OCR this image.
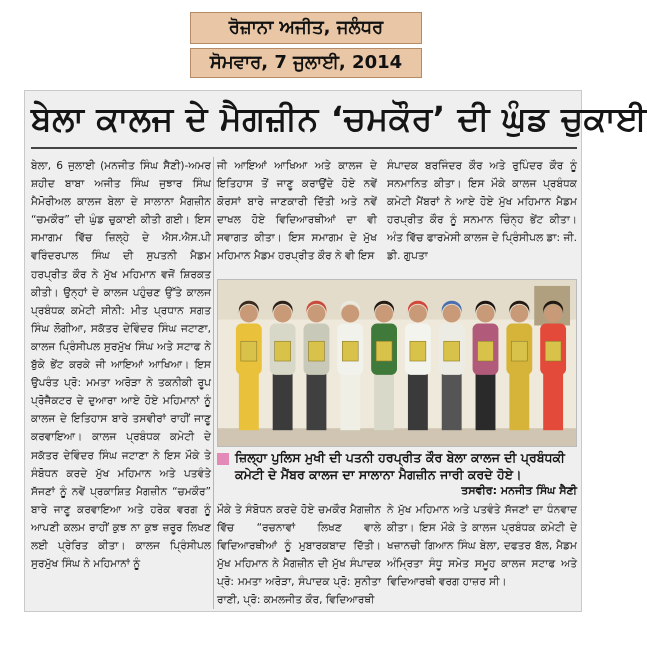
ਰੋਜ਼ਾਨਾ ਅਜੀਤ, ਜਲੰਧਰ
ਸੋਮਵਾਰ, 7 ਜੁਲਾਈ, 2014
ਬੇਲਾ ਕਾਲਜ ਦੇ ਮੈਗਜ਼ੀਨ ‘ਚਮਕੌਰ’ ਦੀ ਘੁੰਡ ਚੁਕਾਈ

ਬੇਲਾ, 6 ਜੁਲਾਈ (ਮਨਜੀਤ ਸਿੰਘ ਸੈਣੀ)-ਅਮਰ ਸ਼ਹੀਦ ਬਾਬਾ ਅਜੀਤ ਸਿੰਘ ਜੁਝਾਰ ਸਿੰਘ ਮੈਮੋਰੀਅਲ ਕਾਲਜ ਬੇਲਾ ਦੇ ਸਾਲਾਨਾ ਮੈਗਜ਼ੀਨ “ਚਮਕੌਰ” ਦੀ ਘੁੰਡ ਚੁਕਾਈ ਕੀਤੀ ਗਈ। ਇਸ ਸਮਾਗਮ ਵਿੱਚ ਜ਼ਿਲ੍ਹੇ ਦੇ ਐਸ.ਐਸ.ਪੀ ਵਰਿੰਦਰਪਾਲ ਸਿੰਘ ਦੀ ਸੁਪਤਨੀ ਮੈਡਮ ਹਰਪ੍ਰੀਤ ਕੌਰ ਨੇ ਮੁੱਖ ਮਹਿਮਾਨ ਵਜੋਂ ਸ਼ਿਰਕਤ ਕੀਤੀ। ਉਨ੍ਹਾਂ ਦੇ ਕਾਲਜ ਪਹੁੰਚਣ ਉੱਤੇ ਕਾਲਜ ਪ੍ਰਬੰਧਕ ਕਮੇਟੀ ਸੀਨੀ: ਮੀਤ ਪ੍ਰਧਾਨ ਸਗਤ ਸਿੰਘ ਲੋਗੀਆ, ਸਕੱਤਰ ਦੇਵਿੰਦਰ ਸਿੰਘ ਜਟਾਣਾ, ਕਾਲਜ ਪ੍ਰਿੰਸੀਪਲ ਸੁਰਮੁੱਖ ਸਿੰਘ ਅਤੇ ਸਟਾਫ ਨੇ ਬੁੱਕੇ ਭੇਂਟ ਕਰਕੇ ਜੀ ਆਇਆਂ ਆਖਿਆ। ਇਸ ਉਪਰੰਤ ਪ੍ਰੋ: ਮਮਤਾ ਅਰੋੜਾ ਨੇ ਤਕਨੀਕੀ ਰੂਪ ਪ੍ਰੋਜੈਕਟਰ ਦੇ ਦੁਆਰਾ ਆਏ ਹੋਏ ਮਹਿਮਾਨਾਂ ਨੂੰ ਕਾਲਜ ਦੇ ਇਤਿਹਾਸ ਬਾਰੇ ਤਸਵੀਰਾਂ ਰਾਹੀਂ ਜਾਣੂ ਕਰਵਾਇਆ। ਕਾਲਜ ਪ੍ਰਬੰਧਕ ਕਮੇਟੀ ਦੇ ਸਕੱਤਰ ਦੇਵਿੰਦਰ ਸਿੰਘ ਜਟਾਣਾ ਨੇ ਇਸ ਮੌਕੇ ਤੇ ਸੰਬੋਧਨ ਕਰਦੇ ਮੁੱਖ ਮਹਿਮਾਨ ਅਤੇ ਪਤਵੰਤੇ ਸੱਜਣਾਂ ਨੂੰ ਨਵੇਂ ਪ੍ਰਕਾਸ਼ਿਤ ਮੈਗਜ਼ੀਨ “ਚਮਕੌਰ” ਬਾਰੇ ਜਾਣੂ ਕਰਵਾਇਆ ਅਤੇ ਹਰੇਕ ਵਰਗ ਨੂੰ ਆਪਣੀ ਕਲਮ ਰਾਹੀਂ ਕੁਝ ਨਾ ਕੁਝ ਜ਼ਰੂਰ ਲਿਖਣ ਲਈ ਪ੍ਰੇਰਿਤ ਕੀਤਾ। ਕਾਲਜ ਪ੍ਰਿੰਸੀਪਲ ਸੁਰਮੁੱਖ ਸਿੰਘ ਨੇ ਮਹਿਮਾਨਾਂ ਨੂੰ

ਜੀ ਆਇਆਂ ਆਖਿਆ ਅਤੇ ਕਾਲਜ ਦੇ ਇਤਿਹਾਸ ਤੋਂ ਜਾਣੂ ਕਰਾਉਂਦੇ ਹੋਏ ਨਵੇਂ ਕੋਰਸਾਂ ਬਾਰੇ ਜਾਣਕਾਰੀ ਦਿੱਤੀ ਅਤੇ ਨਵੇਂ ਦਾਖਲ ਹੋਏ ਵਿਦਿਆਰਥੀਆਂ ਦਾ ਵੀ ਸਵਾਗਤ ਕੀਤਾ। ਇਸ ਸਮਾਗਮ ਦੇ ਮੁੱਖ ਮਹਿਮਾਨ ਮੈਡਮ ਹਰਪ੍ਰੀਤ ਕੌਰ ਨੇ ਵੀ ਇਸ

ਸੰਪਾਦਕ ਬਰਜਿੰਦਰ ਕੌਰ ਅਤੇ ਰੁਪਿੰਦਰ ਕੌਰ ਨੂੰ ਸਨਮਾਨਿਤ ਕੀਤਾ। ਇਸ ਮੌਕੇ ਕਾਲਜ ਪ੍ਰਬੰਧਕ ਕਮੇਟੀ ਮੈਂਬਰਾਂ ਨੇ ਆਏ ਹੋਏ ਮੁੱਖ ਮਹਿਮਾਨ ਮੈਡਮ ਹਰਪ੍ਰੀਤ ਕੌਰ ਨੂੰ ਸਨਮਾਨ ਚਿੰਨ੍ਹ ਭੇਂਟ ਕੀਤਾ। ਅੰਤ ਵਿੱਚ ਫਾਰਮੇਸੀ ਕਾਲਜ ਦੇ ਪ੍ਰਿੰਸੀਪਲ ਡਾ: ਜੀ. ਡੀ. ਗੁਪਤਾ

ਜ਼ਿਲ੍ਹਾ ਪੁਲਿਸ ਮੁਖੀ ਦੀ ਪਤਨੀ ਹਰਪ੍ਰੀਤ ਕੌਰ ਬੇਲਾ ਕਾਲਜ ਦੀ ਪ੍ਰਬੰਧਕੀ ਕਮੇਟੀ ਦੇ ਮੈਂਬਰ ਕਾਲਜ ਦਾ ਸਾਲਾਨਾ ਮੈਗਜ਼ੀਨ ਜਾਰੀ ਕਰਦੇ ਹੋਏ।
ਤਸਵੀਰ: ਮਨਜੀਤ ਸਿੰਘ ਸੈਣੀ

ਮੌਕੇ ਤੇ ਸੰਬੋਧਨ ਕਰਦੇ ਹੋਏ ਚਮਕੌਰ ਮੈਗਜ਼ੀਨ ਵਿੱਚ “ਰਚਨਾਵਾਂ ਲਿਖਣ ਵਾਲੇ ਵਿਦਿਆਰਥੀਆਂ ਨੂੰ ਮੁਬਾਰਕਬਾਦ ਦਿੱਤੀ। ਮੁੱਖ ਮਹਿਮਾਨ ਨੇ ਮੈਗਜ਼ੀਨ ਦੀ ਮੁੱਖ ਸੰਪਾਦਕ ਪ੍ਰੋ: ਮਮਤਾ ਅਰੋੜਾ, ਸੰਪਾਦਕ ਪ੍ਰੋ: ਸੁਨੀਤਾ ਰਾਣੀ, ਪ੍ਰੋ: ਕਮਲਜੀਤ ਕੌਰ, ਵਿਦਿਆਰਥੀ

ਨੇ ਮੁੱਖ ਮਹਿਮਾਨ ਅਤੇ ਪਤਵੰਤੇ ਸੱਜਣਾਂ ਦਾ ਧੰਨਵਾਦ ਕੀਤਾ। ਇਸ ਮੌਕੇ ਤੇ ਕਾਲਜ ਪ੍ਰਬੰਧਕ ਕਮੇਟੀ ਦੇ ਖਜ਼ਾਨਚੀ ਗਿਆਨ ਸਿੰਘ ਬੇਲਾ, ਦਫਤਰ ਬੱਲ, ਮੈਡਮ ਅੰਮ੍ਰਿਤਾ ਸੰਧੂ ਸਮੇਤ ਸਮੂਹ ਕਾਲਜ ਸਟਾਫ ਅਤੇ ਵਿਦਿਆਰਥੀ ਵਰਗ ਹਾਜ਼ਰ ਸੀ।
